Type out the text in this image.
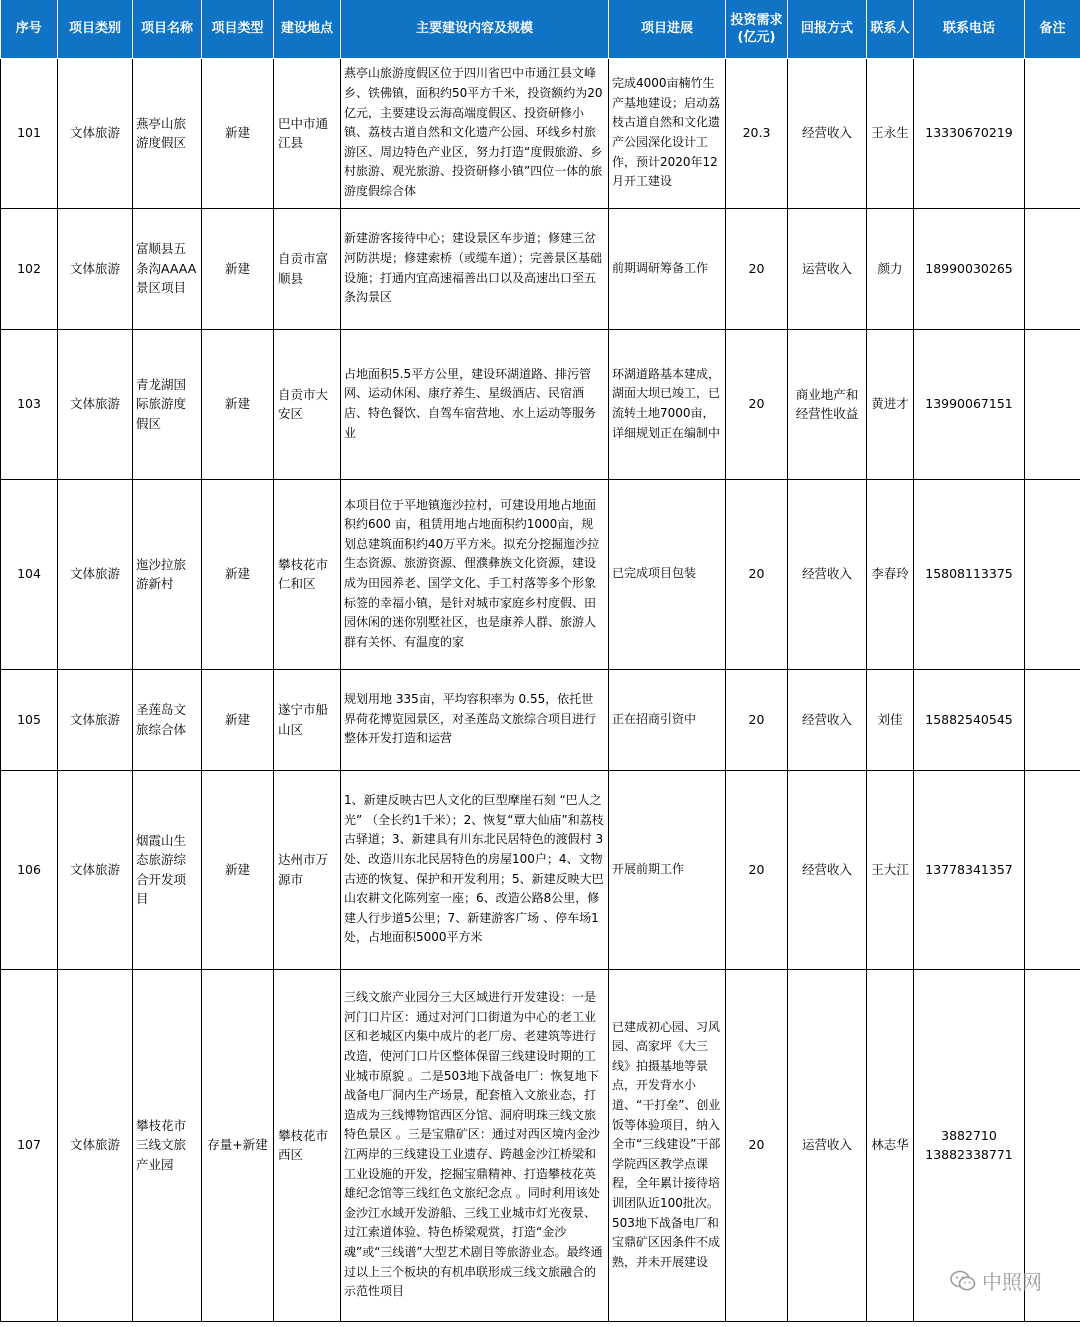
序号	项目类别	项目名称	项目类型	建设地点	主要建设内容及规模	项目进展	投资需求
(亿元)	回报方式	联系人	联系电话	备注
101	文体旅游	燕亭山旅游度假区	新建	巴中市通江县	燕亭山旅游度假区位于四川省巴中市通江县文峰乡、铁佛镇，面积约50平方千米，投资额约为20亿元，主要建设云海高端度假区、投资研修小镇、荔枝古道自然和文化遗产公园、环线乡村旅游区、周边特色产业区，努力打造“度假旅游、乡村旅游、观光旅游、投资研修小镇”四位一体的旅游度假综合体	完成4000亩楠竹生产基地建设；启动荔枝古道自然和文化遗产公园深化设计工作，预计2020年12月开工建设	20.3	经营收入	王永生	13330670219	
102	文体旅游	富顺县五条沟AAAA景区项目	新建	自贡市富顺县	新建游客接待中心；建设景区车步道；修建三岔河防洪堤；修建索桥（或缆车道）；完善景区基础设施；打通内宜高速福善出口以及高速出口至五条沟景区	前期调研筹备工作	20	运营收入	颜力	18990030265	
103	文体旅游	青龙湖国际旅游度假区	新建	自贡市大安区	占地面积5.5平方公里，建设环湖道路、排污管网、运动休闲、康疗养生、星级酒店、民宿酒店、特色餐饮、自驾车宿营地、水上运动等服务业	环湖道路基本建成，湖面大坝已竣工，已流转土地7000亩，详细规划正在编制中	20	商业地产和经营性收益	黄进才	13990067151	
104	文体旅游	迤沙拉旅游新村	新建	攀枝花市仁和区	本项目位于平地镇迤沙拉村，可建设用地占地面积约600 亩，租赁用地占地面积约1000亩，规划总建筑面积约40万平方米。拟充分挖掘迤沙拉生态资源、旅游资源、俚濮彝族文化资源，建设成为田园养老、国学文化、手工村落等多个形象标签的幸福小镇，是针对城市家庭乡村度假、田园休闲的迷你别墅社区，也是康养人群、旅游人群有关怀、有温度的家	已完成项目包装	20	经营收入	李春玲	15808113375	
105	文体旅游	圣莲岛文旅综合体	新建	遂宁市船山区	规划用地 335亩，平均容积率为 0.55，依托世界荷花博览园景区，对圣莲岛文旅综合项目进行整体开发打造和运营	正在招商引资中	20	经营收入	刘佳	15882540545	
106	文体旅游	烟霞山生态旅游综合开发项目	新建	达州市万源市	1、新建反映古巴人文化的巨型摩崖石刻 “巴人之光” （全长约1千米）；2、恢复“覃大仙庙”和荔枝古驿道；3、新建具有川东北民居特色的渡假村 3处、改造川东北民居特色的房屋100户；4、文物古迹的恢复、保护和开发利用；5、新建反映大巴山农耕文化陈列室一座；6、改造公路8公里，修建人行步道5公里；7、新建游客广场 、停车场1处，占地面积5000平方米	开展前期工作	20	经营收入	王大江	13778341357	
107	文体旅游	攀枝花市三线文旅产业园	存量+新建	攀枝花市西区	三线文旅产业园分三大区域进行开发建设：一是河门口片区：通过对河门口街道为中心的老工业区和老城区内集中成片的老厂房、老建筑等进行改造，使河门口片区整体保留三线建设时期的工业城市原貌 。二是503地下战备电厂：恢复地下战备电厂洞内生产场景，配套植入文旅业态，打造成为三线博物馆西区分馆、洞府明珠三线文旅特色景区 。三是宝鼎矿区：通过对西区境内金沙江两岸的三线建设工业遗存、跨越金沙江桥梁和工业设施的开发，挖掘宝鼎精神、打造攀枝花英雄纪念馆等三线红色文旅纪念点 。同时利用该处金沙江水域开发游船、三线工业城市灯光夜景、过江索道体验、特色桥梁观赏，打造“金沙魂”或“三线谱”大型艺术剧目等旅游业态。最终通过以上三个板块的有机串联形成三线文旅融合的示范性项目	已建成初心园、习风园、高家坪《大三线》拍摄基地等景点，开发背水小道、“干打垒”、创业饭等体验项目，纳入全市“三线建设”干部学院西区教学点课程，全年累计接待培训团队近100批次。503地下战备电厂和宝鼎矿区因条件不成熟，并未开展建设	20	运营收入	林志华	3882710
13882338771	

中照网
